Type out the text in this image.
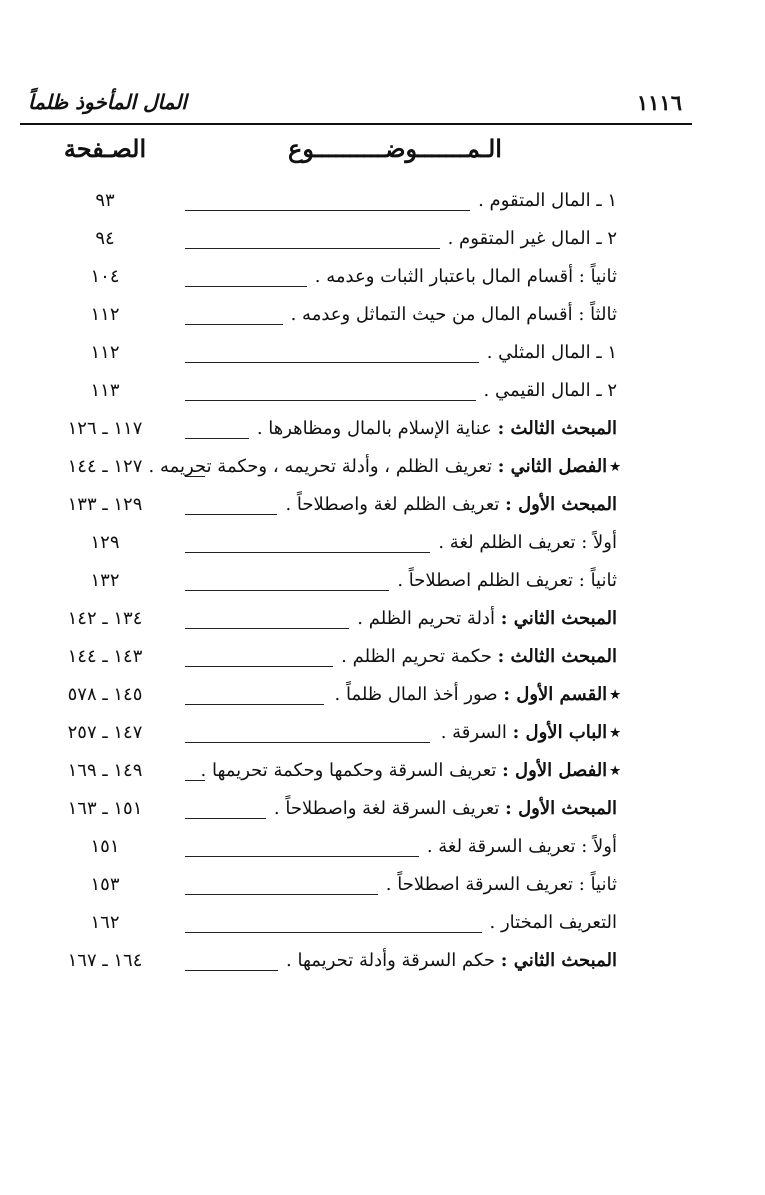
١١١٦
المال المأخوذ ظلماً
الـمـــــــوضــــــــــوع
الصـفحة
١ ـ المال المتقوم .
٩٣
٢ ـ المال غير المتقوم .
٩٤
ثانياً : أقسام المال باعتبار الثبات وعدمه .
١٠٤
ثالثاً : أقسام المال من حيث التماثل وعدمه .
١١٢
١ ـ المال المثلي .
١١٢
٢ ـ المال القيمي .
١١٣
المبحث الثالث : عناية الإسلام بالمال ومظاهرها .
١١٧ ـ ١٢٦
٭الفصل الثاني : تعريف الظلم ، وأدلة تحريمه ، وحكمة تحريمه .
١٢٧ ـ ١٤٤
المبحث الأول : تعريف الظلم لغة واصطلاحاً .
١٢٩ ـ ١٣٣
أولاً : تعريف الظلم لغة .
١٢٩
ثانياً : تعريف الظلم اصطلاحاً .
١٣٢
المبحث الثاني : أدلة تحريم الظلم .
١٣٤ ـ ١٤٢
المبحث الثالث : حكمة تحريم الظلم .
١٤٣ ـ ١٤٤
٭القسم الأول : صور أخذ المال ظلماً .
١٤٥ ـ ٥٧٨
٭الباب الأول : السرقة .
١٤٧ ـ ٢٥٧
٭الفصل الأول : تعريف السرقة وحكمها وحكمة تحريمها .
١٤٩ ـ ١٦٩
المبحث الأول : تعريف السرقة لغة واصطلاحاً .
١٥١ ـ ١٦٣
أولاً : تعريف السرقة لغة .
١٥١
ثانياً : تعريف السرقة اصطلاحاً .
١٥٣
التعريف المختار .
١٦٢
المبحث الثاني : حكم السرقة وأدلة تحريمها .
١٦٤ ـ ١٦٧
